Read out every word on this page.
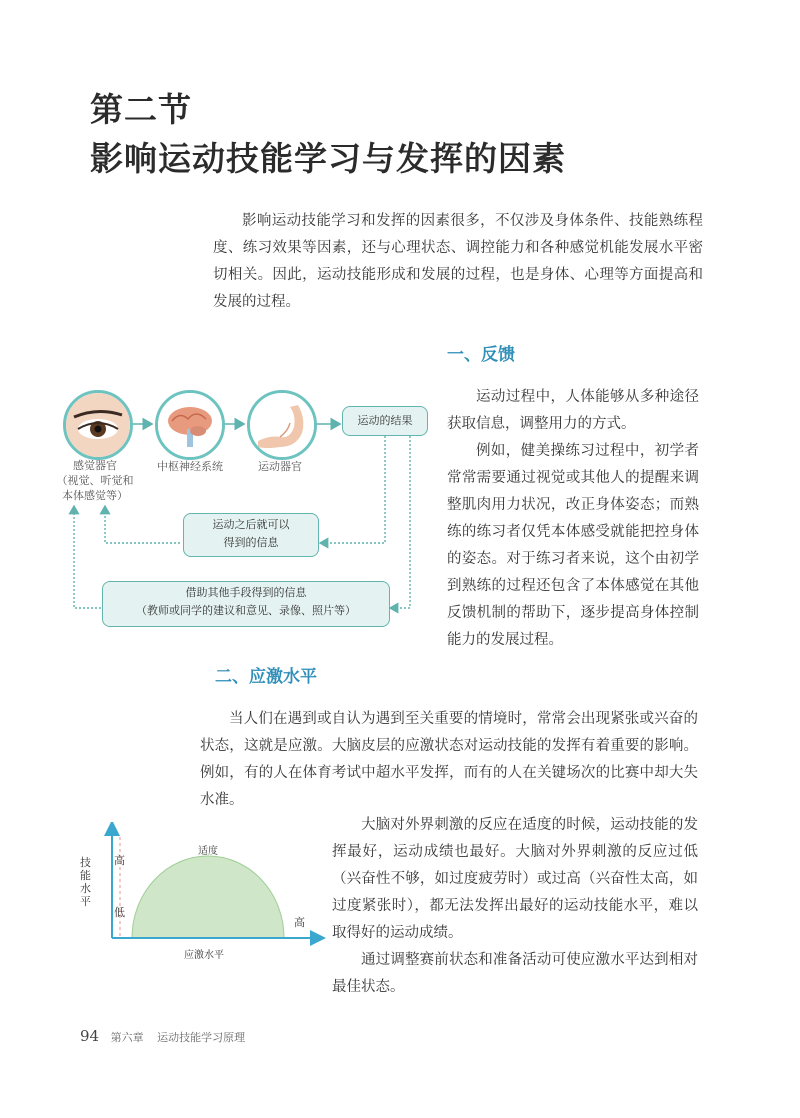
第二节
影响运动技能学习与发挥的因素

影响运动技能学习和发挥的因素很多，不仅涉及身体条件、技能熟练程度、练习效果等因素，还与心理状态、调控能力和各种感觉机能发展水平密切相关。因此，运动技能形成和发展的过程，也是身体、心理等方面提高和发展的过程。

一、反馈
运动的结果
感觉器官
（视觉、听觉和
本体感觉等）
中枢神经系统	运动器官
运动之后就可以
得到的信息
借助其他手段得到的信息
（教师或同学的建议和意见、录像、照片等）

运动过程中，人体能够从多种途径获取信息，调整用力的方式。

例如，健美操练习过程中，初学者常常需要通过视觉或其他人的提醒来调整肌肉用力状况，改正身体姿态；而熟练的练习者仅凭本体感受就能把控身体的姿态。对于练习者来说，这个由初学到熟练的过程还包含了本体感觉在其他反馈机制的帮助下，逐步提高身体控制能力的发展过程。

二、应激水平

当人们在遇到或自认为遇到至关重要的情境时，常常会出现紧张或兴奋的状态，这就是应激。大脑皮层的应激状态对运动技能的发挥有着重要的影响。例如，有的人在体育考试中超水平发挥，而有的人在关键场次的比赛中却大失水准。

技能水平
高
低
适度
高
应激水平

大脑对外界刺激的反应在适度的时候，运动技能的发挥最好，运动成绩也最好。大脑对外界刺激的反应过低（兴奋性不够，如过度疲劳时）或过高（兴奋性太高，如过度紧张时），都无法发挥出最好的运动技能水平，难以取得好的运动成绩。

通过调整赛前状态和准备活动可使应激水平达到相对最佳状态。

94 第六章 运动技能学习原理
